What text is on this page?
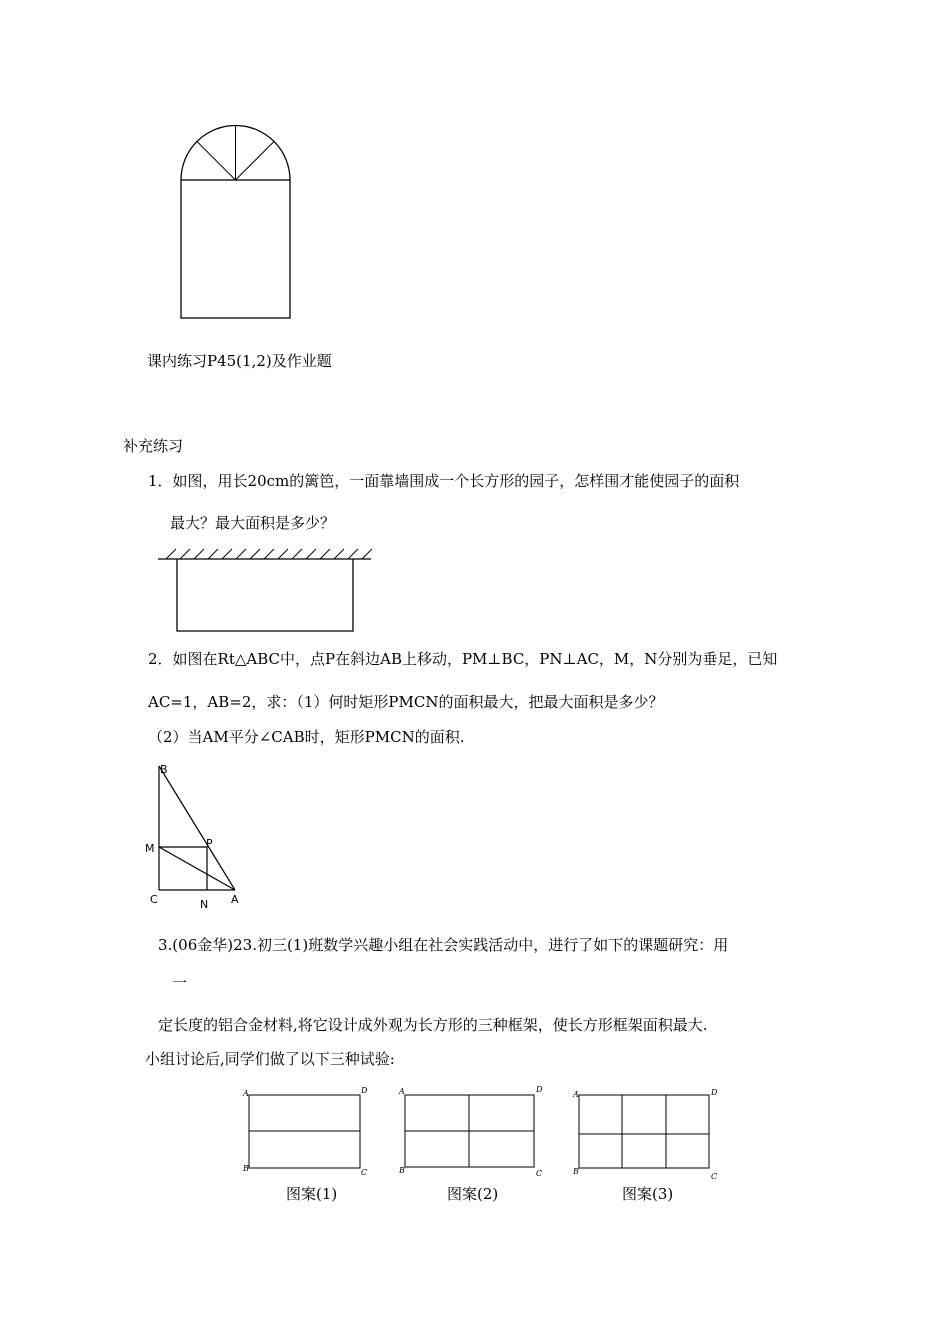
课内练习P45(1,2)及作业题
补充练习
1．如图，用长20cm的篱笆，一面靠墙围成一个长方形的园子，怎样围才能使园子的面积
最大？最大面积是多少？
2．如图在Rt△ABC中，点P在斜边AB上移动，PM⊥BC，PN⊥AC，M，N分别为垂足，已知
AC=1，AB=2，求：（1）何时矩形PMCN的面积最大，把最大面积是多少？
（2）当AM平分∠CAB时，矩形PMCN的面积.
B
M	P
C	N A
3.(06金华)23.初三(1)班数学兴趣小组在社会实践活动中，进行了如下的课题研究：用
一
定长度的铝合金材料,将它设计成外观为长方形的三种框架，使长方形框架面积最大.
小组讨论后,同学们做了以下三种试验:
A	D
B	C
A	D
B	C
A	D
B
C
图案(1)	图案(2)	图案(3)
